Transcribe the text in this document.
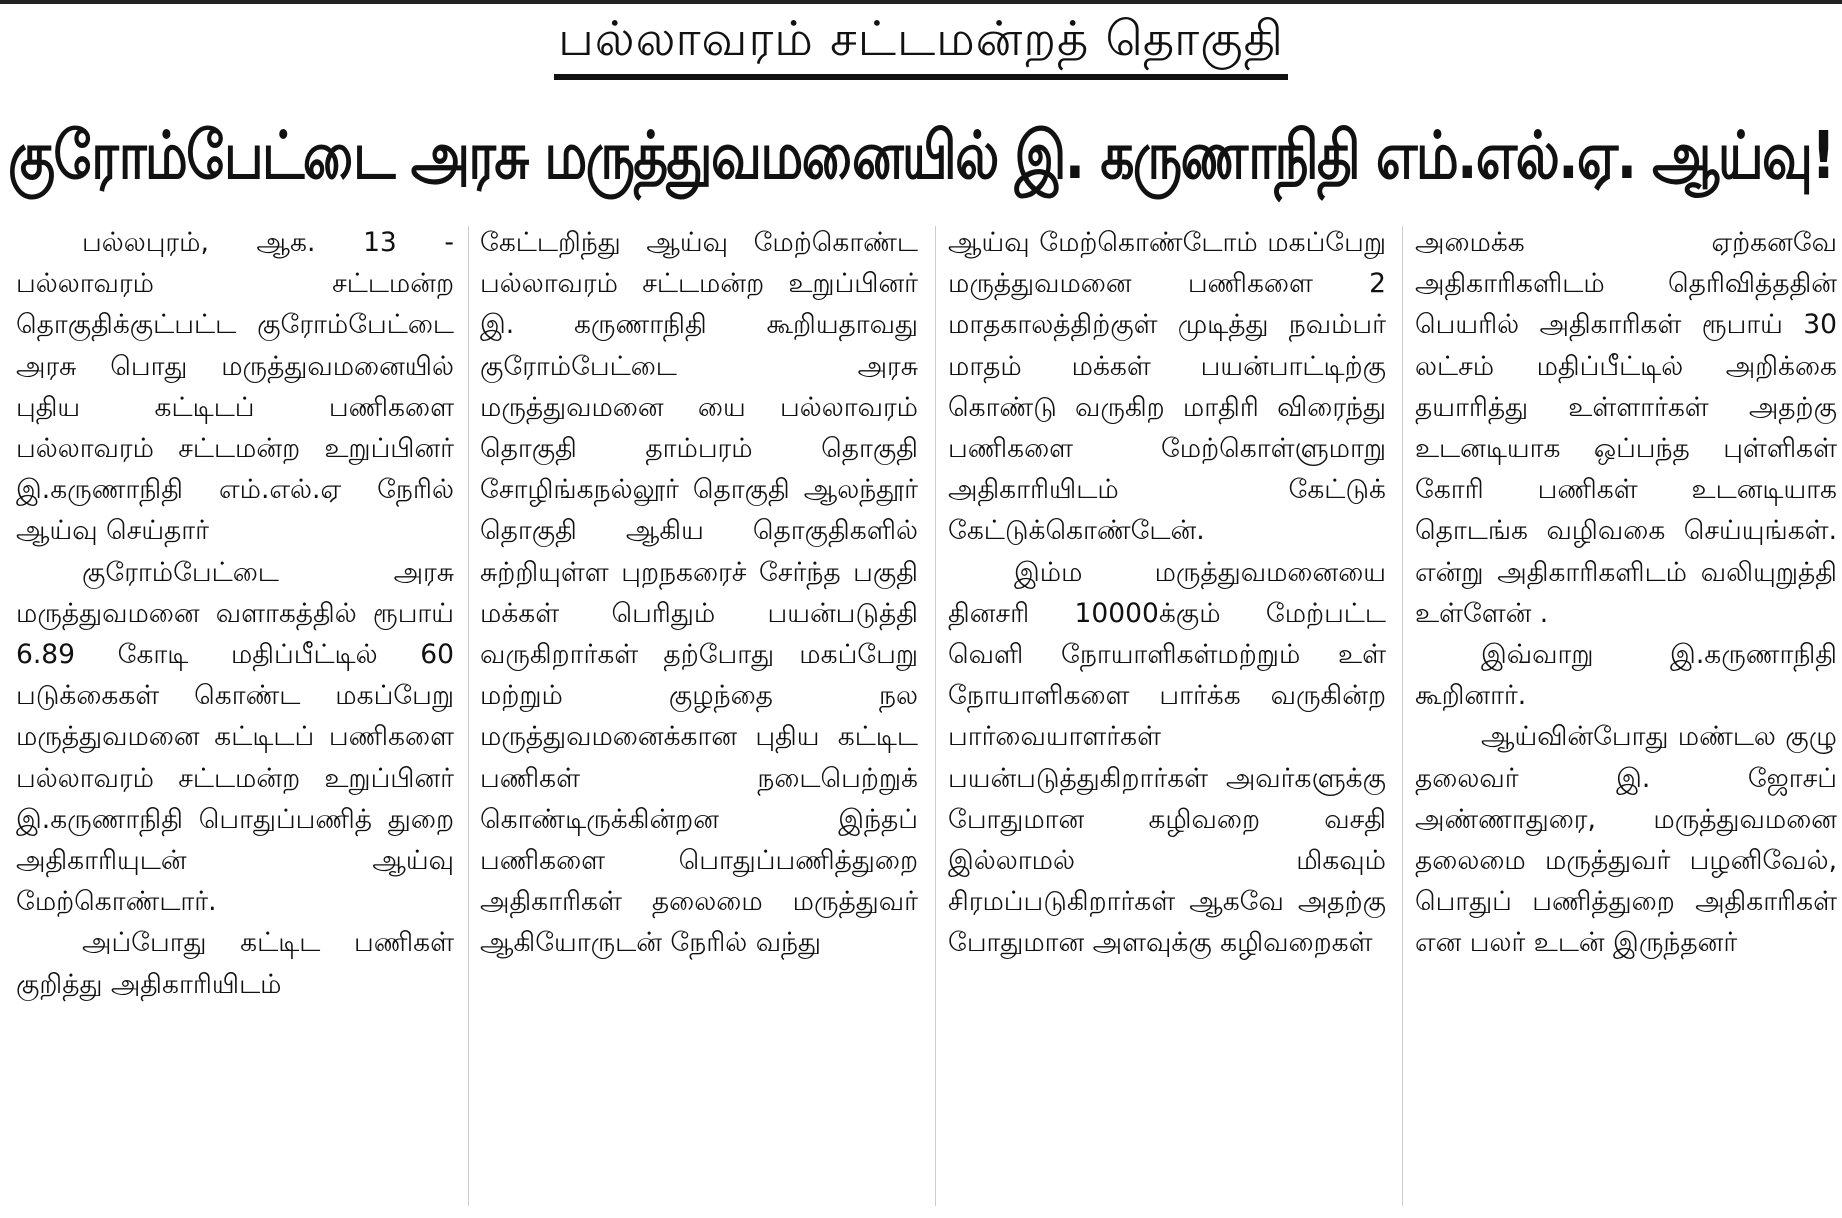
பல்லாவரம் சட்டமன்றத் தொகுதி
குரோம்பேட்டை அரசு மருத்துவமனையில் இ. கருணாநிதி எம்.எல்.ஏ. ஆய்வு!

பல்லபுரம், ஆக. 13 - பல்லாவரம் சட்டமன்ற தொகுதிக்குட்பட்ட குரோம்பேட்டை அரசு பொது மருத்துவமனையில் புதிய கட்டிடப் பணிகளை பல்லாவரம் சட்டமன்ற உறுப்பினர் இ.கருணாநிதி எம்.எல்.ஏ நேரில் ஆய்வு செய்தார்

குரோம்பேட்டை அரசு மருத்துவமனை வளாகத்தில் ரூபாய் 6.89 கோடி மதிப்பீட்டில் 60 படுக்கைகள் கொண்ட மகப்பேறு மருத்துவமனை கட்டிடப் பணிகளை பல்லாவரம் சட்டமன்ற உறுப்பினர் இ.கருணாநிதி பொதுப்பணித் துறை அதிகாரியுடன் ஆய்வு மேற்கொண்டார்.

அப்போது கட்டிட பணிகள் குறித்து அதிகாரியிடம்

கேட்டறிந்து ஆய்வு மேற்கொண்ட பல்லாவரம் சட்டமன்ற உறுப்பினர் இ. கருணாநிதி கூறியதாவது குரோம்பேட்டை அரசு மருத்துவமனை யை பல்லாவரம் தொகுதி தாம்பரம் தொகுதி சோழிங்கநல்லூர் தொகுதி ஆலந்தூர் தொகுதி ஆகிய தொகுதிகளில் சுற்றியுள்ள புறநகரைச் சேர்ந்த பகுதி மக்கள் பெரிதும் பயன்படுத்தி வருகிறார்கள் தற்போது மகப்பேறு மற்றும் குழந்தை நல மருத்துவமனைக்கான புதிய கட்டிட பணிகள் நடைபெற்றுக் கொண்டிருக்கின்றன இந்தப் பணிகளை பொதுப்பணித்துறை அதிகாரிகள் தலைமை மருத்துவர் ஆகியோருடன் நேரில் வந்து

ஆய்வு மேற்கொண்டோம் மகப்பேறு மருத்துவமனை பணிகளை 2 மாதகாலத்திற்குள் முடித்து நவம்பர் மாதம் மக்கள் பயன்பாட்டிற்கு கொண்டு வருகிற மாதிரி விரைந்து பணிகளை மேற்கொள்ளுமாறு அதிகாரியிடம் கேட்டுக் கேட்டுக்கொண்டேன்.

இம்ம மருத்துவமனையை தினசரி 10000க்கும் மேற்பட்ட வெளி நோயாளிகள்மற்றும் உள் நோயாளிகளை பார்க்க வருகின்ற பார்வையாளர்கள் பயன்படுத்துகிறார்கள் அவர்களுக்கு போதுமான கழிவறை வசதி இல்லாமல் மிகவும் சிரமப்படுகிறார்கள் ஆகவே அதற்கு போதுமான அளவுக்கு கழிவறைகள்

அமைக்க ஏற்கனவே அதிகாரிகளிடம் தெரிவித்ததின் பெயரில் அதிகாரிகள் ரூபாய் 30 லட்சம் மதிப்பீட்டில் அறிக்கை தயாரித்து உள்ளார்கள் அதற்கு உடனடியாக ஒப்பந்த புள்ளிகள் கோரி பணிகள் உடனடியாக தொடங்க வழிவகை செய்யுங்கள். என்று அதிகாரிகளிடம் வலியுறுத்தி உள்ளேன் .

இவ்வாறு இ.கருணாநிதி கூறினார்.

ஆய்வின்போது மண்டல குழு தலைவர் இ. ஜோசப் அண்ணாதுரை, மருத்துவமனை தலைமை மருத்துவர் பழனிவேல், பொதுப் பணித்துறை அதிகாரிகள் என பலர் உடன் இருந்தனர்
